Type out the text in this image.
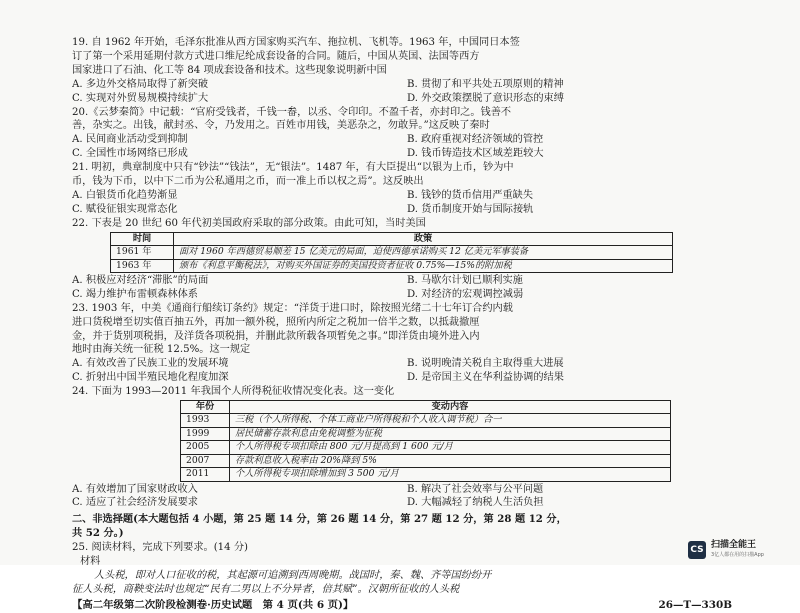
19. 自 1962 年开始，毛泽东批准从西方国家购买汽车、拖拉机、飞机等。1963 年，中国同日本签

订了第一个采用延期付款方式进口维尼纶成套设备的合同。随后，中国从英国、法国等西方

国家进口了石油、化工等 84 项成套设备和技术。这些现象说明新中国

A. 多边外交格局取得了新突破	B. 贯彻了和平共处五项原则的精神
C. 实现对外贸易规模持续扩大	D. 外交政策摆脱了意识形态的束缚

20.《云梦秦简》中记载：“官府受钱者，千钱一畚，以丞、令印印。不盈千者，亦封印之。钱善不

善，杂实之。出钱，献封丞、令，乃发用之。百姓市用钱，美恶杂之，勿敢异。”这反映了秦时

A. 民间商业活动受到抑制	B. 政府重视对经济领域的管控
C. 全国性市场网络已形成	D. 钱币铸造技术区域差距较大

21. 明初，典章制度中只有“钞法”“钱法”，无“银法”。1487 年，有大臣提出“以银为上币，钞为中

币，钱为下币，以中下二币为公私通用之币，而一准上币以权之焉”。这反映出

A. 白银货币化趋势渐显	B. 钱钞的货币信用严重缺失
C. 赋役征银实现常态化	D. 货币制度开始与国际接轨

22. 下表是 20 世纪 60 年代初美国政府采取的部分政策。由此可知，当时美国

时间	政策
1961 年	面对 1960 年西德贸易顺差 15 亿美元的局面，迫使西德承诺购买 12 亿美元军事装备
1963 年	颁布《利息平衡税法》，对购买外国证券的美国投资者征收 0.75%—15%的附加税
A. 积极应对经济“滞胀”的局面	B. 马歇尔计划已顺利实施
C. 竭力维护布雷顿森林体系	D. 对经济的宏观调控减弱

23. 1903 年，中美《通商行船续订条约》规定：“洋货于进口时，除按照光绪二十七年订合约内载

进口货税增至切实值百抽五外，再加一额外税，照所内所定之税加一倍半之数，以抵裁撤厘

金，并于货别项税捐，及洋货各项税捐，并删此款所载各项暂免之事。”即洋货由境外进入内

地时由海关统一征税 12.5%。这一规定

A. 有效改善了民族工业的发展环境	B. 说明晚清关税自主取得重大进展
C. 折射出中国半殖民地化程度加深	D. 是帝国主义在华利益协调的结果

24. 下面为 1993—2011 年我国个人所得税征收情况变化表。这一变化

年份	变动内容
1993	三税（个人所得税、个体工商业户所得税和个人收入调节税）合一
1999	居民储蓄存款利息由免税调整为征税
2005	个人所得税专项扣除由 800 元/月提高到 1 600 元/月
2007	存款利息收入税率由 20%降到 5%
2011	个人所得税专项扣除增加到 3 500 元/月
A. 有效增加了国家财政收入	B. 解决了社会效率与公平问题
C. 适应了社会经济发展要求	D. 大幅减轻了纳税人生活负担

二、非选择题(本大题包括 4 小题，第 25 题 14 分，第 26 题 14 分，第 27 题 12 分，第 28 题 12 分，

共 52 分。)

25. 阅读材料，完成下列要求。(14 分)

材料

人头税，即对人口征收的税，其起源可追溯到西周晚期。战国时，秦、魏、齐等国纷纷开

征人头税，商鞅变法时也规定“民有二男以上不分异者，倍其赋”。汉朝所征收的人头税

【高二年级第二次阶段检测卷·历史试题　第 4 页(共 6 页)】	26—T—330B
CS 扫描全能王
3亿人都在用的扫描App
